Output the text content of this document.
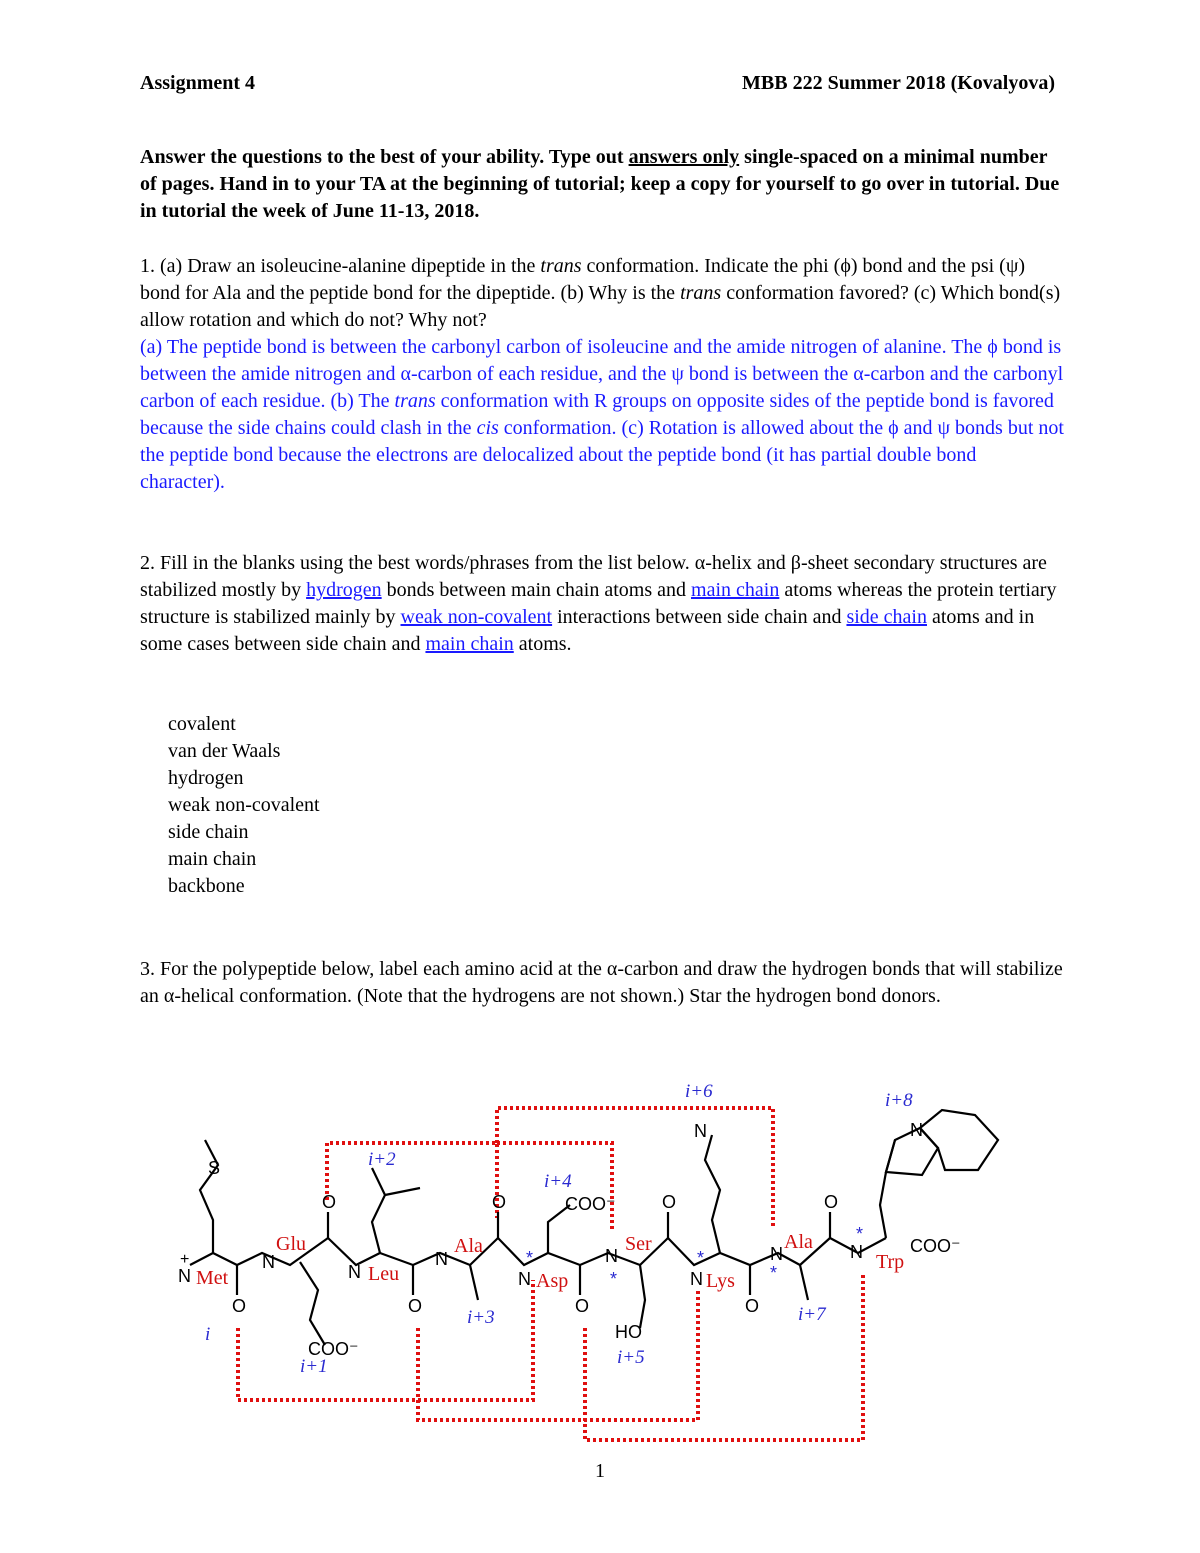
Assignment 4	MBB 222 Summer 2018 (Kovalyova)
Answer the questions to the best of your ability. Type out answers only single-spaced on a minimal number of pages. Hand in to your TA at the beginning of tutorial; keep a copy for yourself to go over in tutorial. Due in tutorial the week of June 11-13, 2018.
1. (a) Draw an isoleucine-alanine dipeptide in the trans conformation. Indicate the phi (ϕ) bond and the psi (ψ) bond for Ala and the peptide bond for the dipeptide. (b) Why is the trans conformation favored? (c) Which bond(s) allow rotation and which do not? Why not?
(a) The peptide bond is between the carbonyl carbon of isoleucine and the amide nitrogen of alanine. The ϕ bond is between the amide nitrogen and α-carbon of each residue, and the ψ bond is between the α-carbon and the carbonyl carbon of each residue. (b) The trans conformation with R groups on opposite sides of the peptide bond is favored because the side chains could clash in the cis conformation. (c) Rotation is allowed about the ϕ and ψ bonds but not the peptide bond because the electrons are delocalized about the peptide bond (it has partial double bond character).
2. Fill in the blanks using the best words/phrases from the list below. α-helix and β-sheet secondary structures are stabilized mostly by hydrogen bonds between main chain atoms and main chain atoms whereas the protein tertiary structure is stabilized mainly by weak non-covalent interactions between side chain and side chain atoms and in some cases between side chain and main chain atoms.
covalent
van der Waals
hydrogen
weak non-covalent
side chain
main chain
backbone
3. For the polypeptide below, label each amino acid at the α-carbon and draw the hydrogen bonds that will stabilize an α-helical conformation. (Note that the hydrogens are not shown.) Star the hydrogen bond donors.
S
N
+	N	N
N
N
N
N
N	N
N	N
O
O
O
O
O
O
O
O
COO⁻
COO⁻
COO⁻
HO
Met
Glu
Leu
Ala
Asp
Ser
Lys
Ala
Trp
i
i+1
i+2
i+3
i+4
i+5
i+6
i+7
i+8
*
*
*
*
*
1
